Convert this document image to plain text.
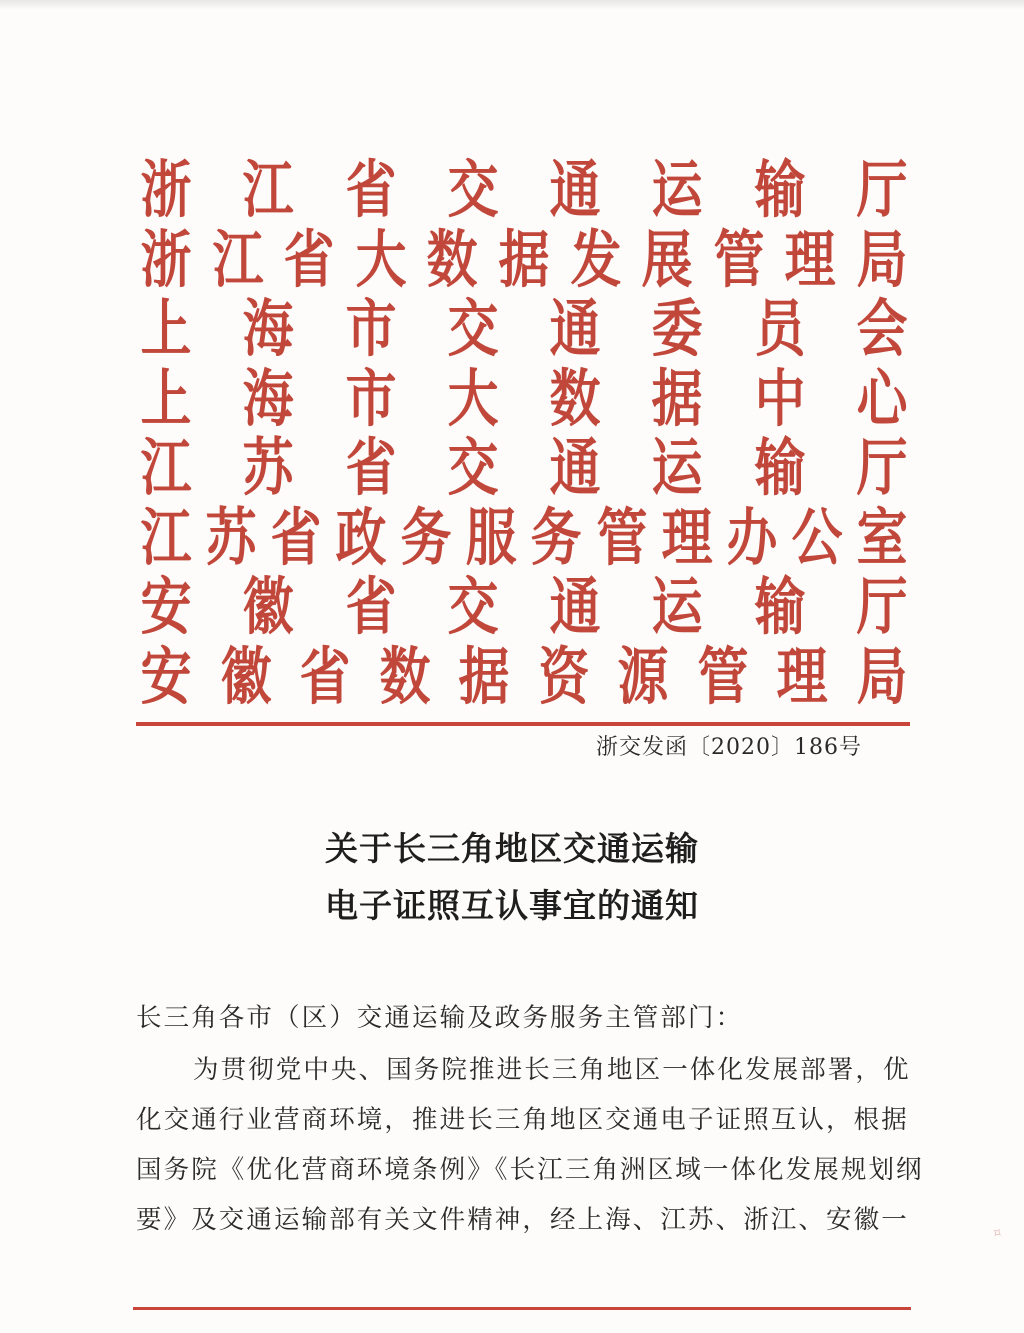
浙 江 省 交 通 运 输 厅
浙 江 省 大 数 据 发 展 管 理 局
上 海 市 交 通 委 员 会
上 海 市 大 数 据 中 心
江 苏 省 交 通 运 输 厅
江 苏 省 政 务 服 务 管 理 办 公 室
安 徽 省 交 通 运 输 厅
安 徽 省 数 据 资 源 管 理 局
浙交发函〔2020〕186号
关于长三角地区交通运输
电子证照互认事宜的通知
长三角各市（区）交通运输及政务服务主管部门：
为贯彻党中央、国务院推进长三角地区一体化发展部署，优
化交通行业营商环境，推进长三角地区交通电子证照互认，根据
国务院《优化营商环境条例》《长江三角洲区域一体化发展规划纲
要》及交通运输部有关文件精神，经上海、江苏、浙江、安徽一	✧
